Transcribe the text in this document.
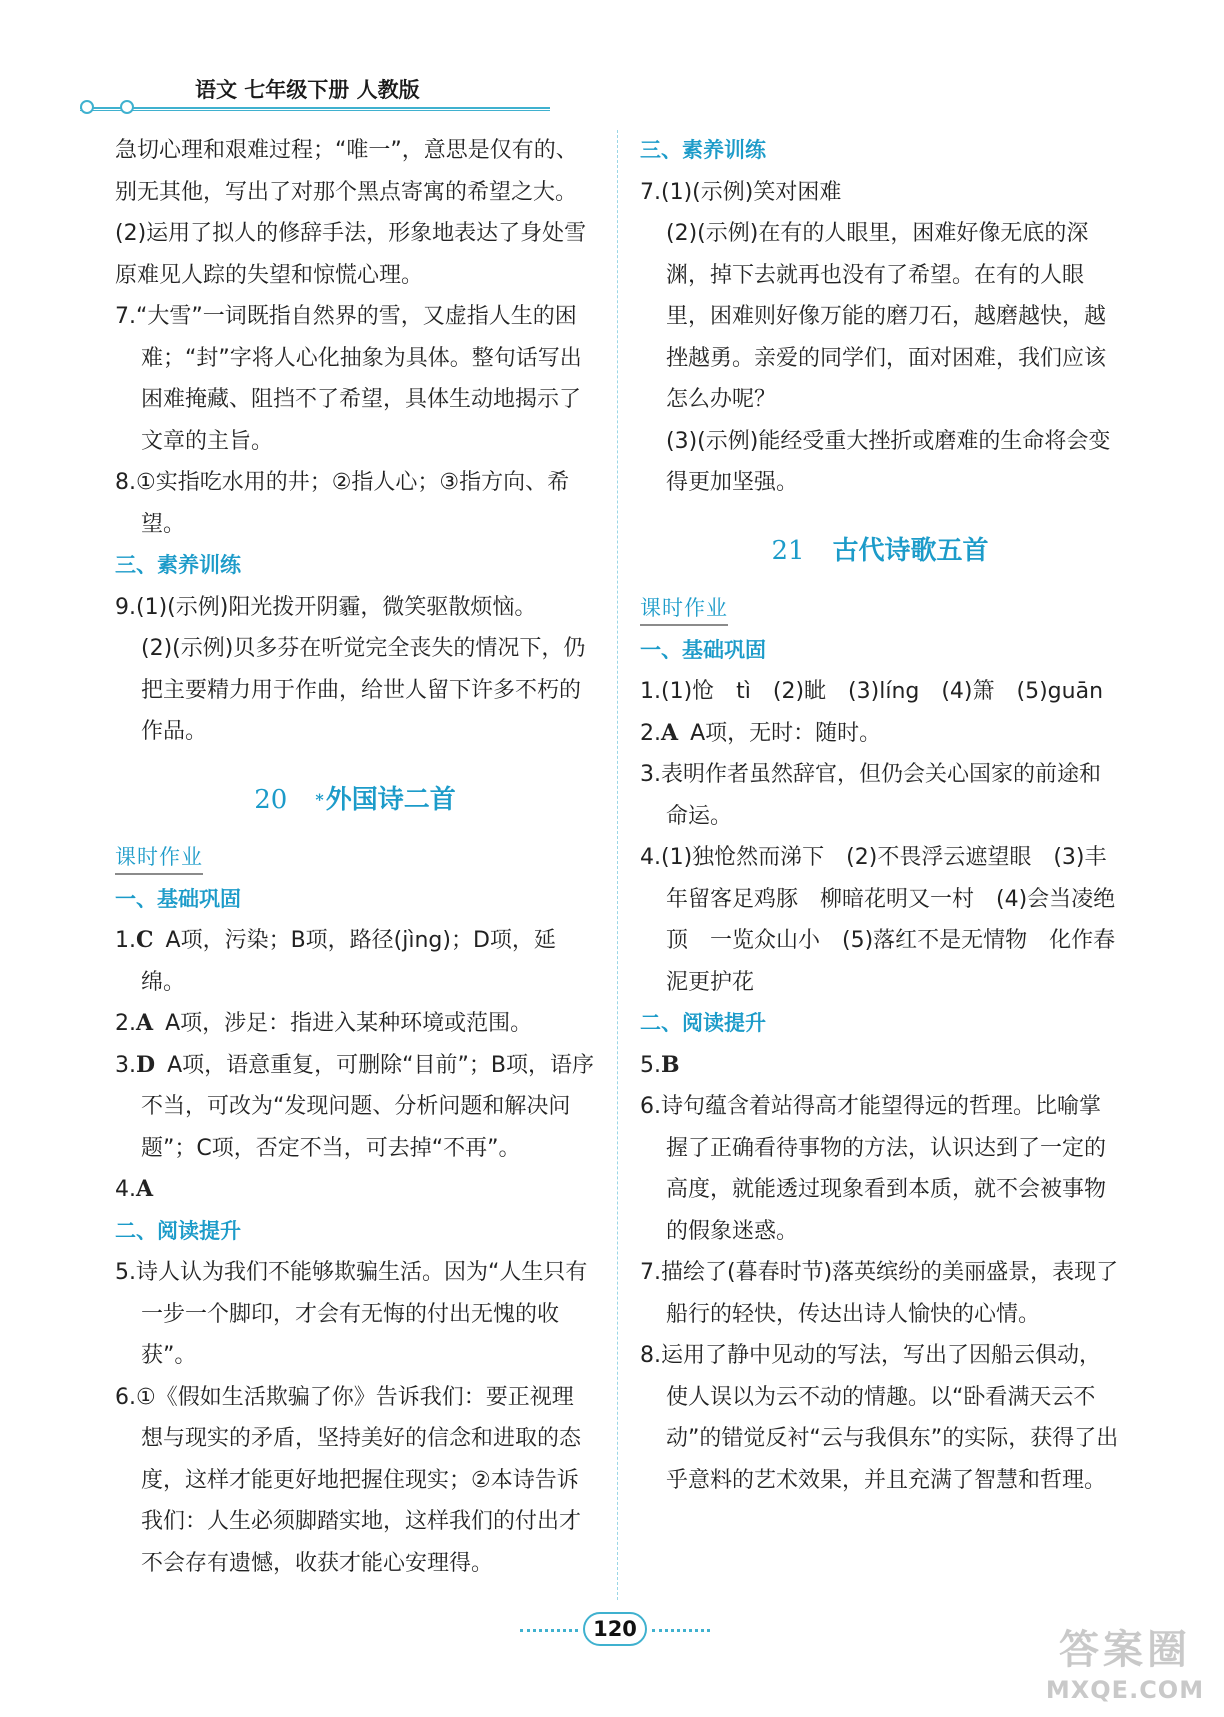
语文 七年级下册 人教版

急切心理和艰难过程；“唯一”，意思是仅有的、别无其他，写出了对那个黑点寄寓的希望之大。

(2)运用了拟人的修辞手法，形象地表达了身处雪原难见人踪的失望和惊慌心理。

7.“大雪”一词既指自然界的雪，又虚指人生的困难；“封”字将人心化抽象为具体。整句话写出困难掩藏、阻挡不了希望，具体生动地揭示了文章的主旨。

8.①实指吃水用的井；②指人心；③指方向、希望。

三、素养训练

9.(1)(示例)阳光拨开阴霾，微笑驱散烦恼。

(2)(示例)贝多芬在听觉完全丧失的情况下，仍把主要精力用于作曲，给世人留下许多不朽的作品。

20 *外国诗二首
课时作业

一、基础巩固

1.C A项，污染；B项，路径(jìng)；D项，延绵。

2.A A项，涉足：指进入某种环境或范围。

3.D A项，语意重复，可删除“目前”；B项，语序不当，可改为“发现问题、分析问题和解决问题”；C项，否定不当，可去掉“不再”。

4.A

二、阅读提升

5.诗人认为我们不能够欺骗生活。因为“人生只有一步一个脚印，才会有无悔的付出无愧的收获”。

6.①《假如生活欺骗了你》告诉我们：要正视理想与现实的矛盾，坚持美好的信念和进取的态度，这样才能更好地把握住现实；②本诗告诉我们：人生必须脚踏实地，这样我们的付出才不会存有遗憾，收获才能心安理得。

三、素养训练

7.(1)(示例)笑对困难

(2)(示例)在有的人眼里，困难好像无底的深渊，掉下去就再也没有了希望。在有的人眼里，困难则好像万能的磨刀石，越磨越快，越挫越勇。亲爱的同学们，面对困难，我们应该怎么办呢？

(3)(示例)能经受重大挫折或磨难的生命将会变得更加坚强。

21 古代诗歌五首
课时作业

一、基础巩固

1.(1)怆　tì　(2)眦　(3)líng　(4)箫　(5)guān

2.A A项，无时：随时。

3.表明作者虽然辞官，但仍会关心国家的前途和命运。

4.(1)独怆然而涕下　(2)不畏浮云遮望眼　(3)丰年留客足鸡豚　柳暗花明又一村　(4)会当凌绝顶　一览众山小　(5)落红不是无情物　化作春泥更护花

二、阅读提升

5.B

6.诗句蕴含着站得高才能望得远的哲理。比喻掌握了正确看待事物的方法，认识达到了一定的高度，就能透过现象看到本质，就不会被事物的假象迷惑。

7.描绘了(暮春时节)落英缤纷的美丽盛景，表现了船行的轻快，传达出诗人愉快的心情。

8.运用了静中见动的写法，写出了因船云俱动，使人误以为云不动的情趣。以“卧看满天云不动”的错觉反衬“云与我俱东”的实际，获得了出乎意料的艺术效果，并且充满了智慧和哲理。

120	答案圈
MXQE.COM
